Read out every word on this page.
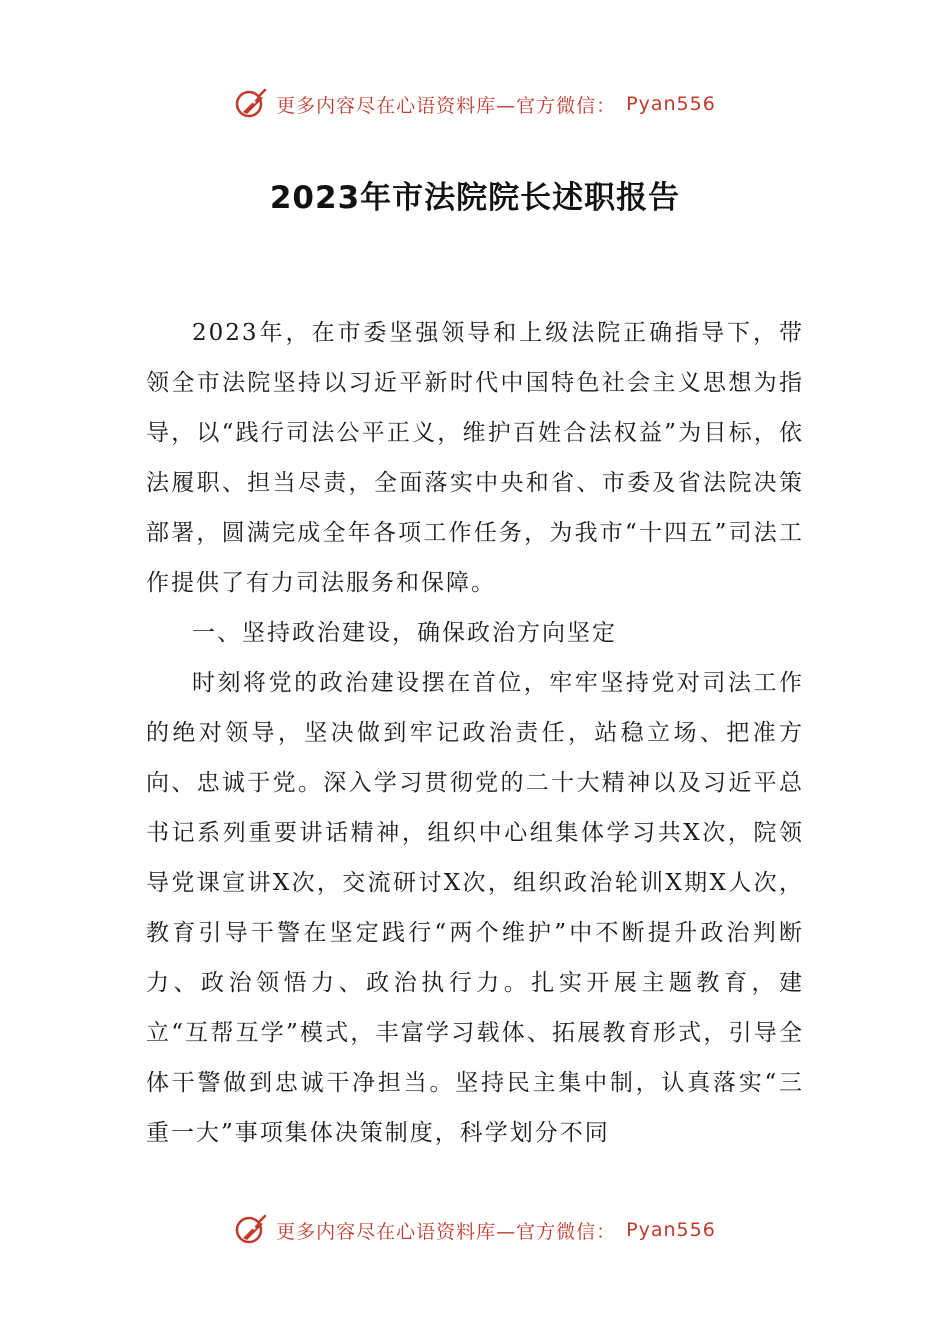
更多内容尽在心语资料库—官方微信： Pyan556
2023年市法院院长述职报告

2023年，在市委坚强领导和上级法院正确指导下，带领全市法院坚持以习近平新时代中国特色社会主义思想为指导，以“践行司法公平正义，维护百姓合法权益”为目标，依法履职、担当尽责，全面落实中央和省、市委及省法院决策部署，圆满完成全年各项工作任务，为我市“十四五”司法工作提供了有力司法服务和保障。

一、坚持政治建设，确保政治方向坚定

时刻将党的政治建设摆在首位，牢牢坚持党对司法工作的绝对领导，坚决做到牢记政治责任，站稳立场、把准方向、忠诚于党。深入学习贯彻党的二十大精神以及习近平总书记系列重要讲话精神，组织中心组集体学习共X次，院领导党课宣讲X次，交流研讨X次，组织政治轮训X期X人次，教育引导干警在坚定践行“两个维护”中不断提升政治判断力、政治领悟力、政治执行力。扎实开展主题教育，建立“互帮互学”模式，丰富学习载体、拓展教育形式，引导全体干警做到忠诚干净担当。坚持民主集中制，认真落实“三重一大”事项集体决策制度，科学划分不同

更多内容尽在心语资料库—官方微信： Pyan556
